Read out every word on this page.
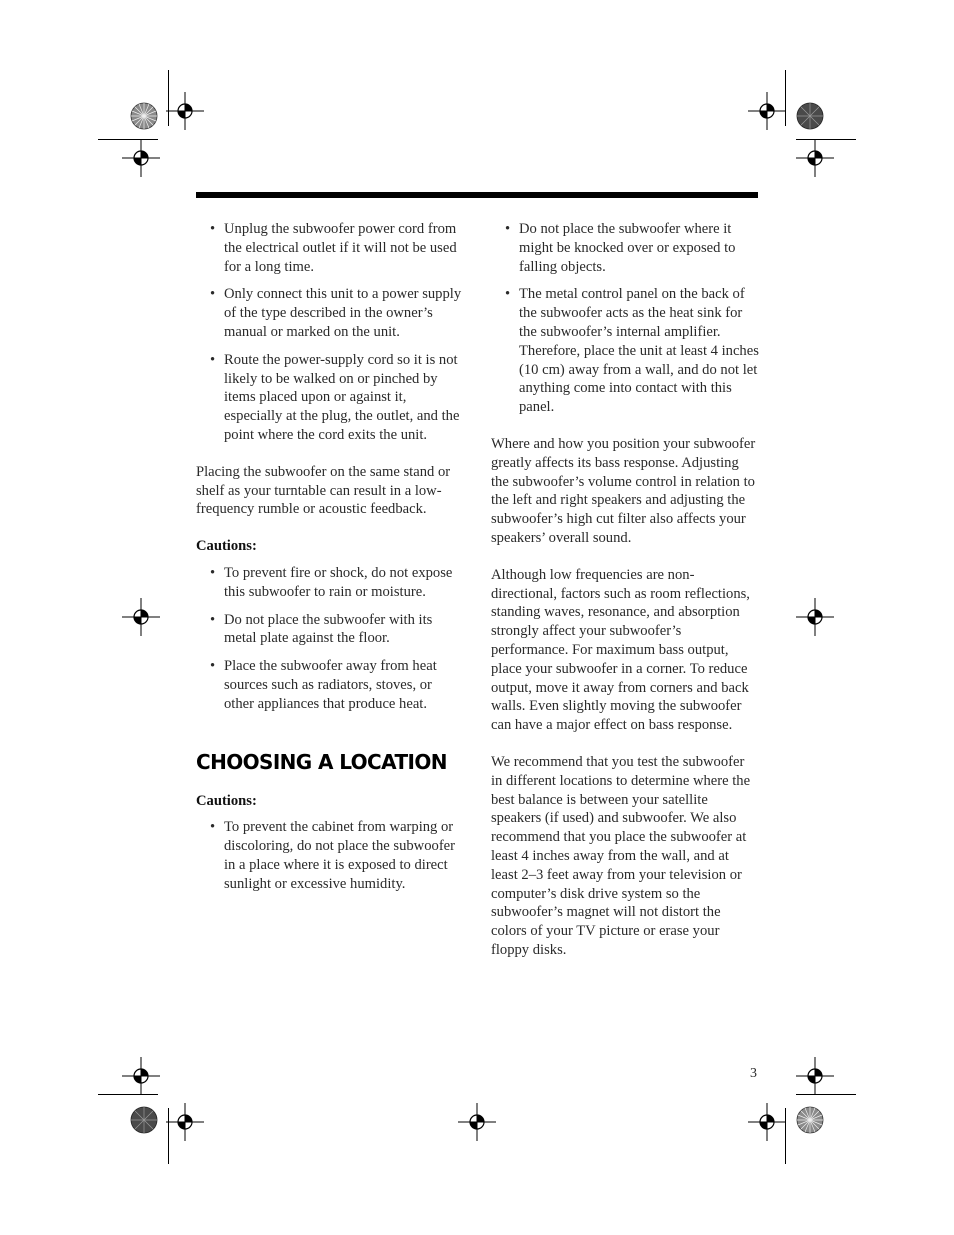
• Unplug the subwoofer power cord from the electrical outlet if it will not be used for a long time.
• Only connect this unit to a power supply of the type described in the owner’s manual or marked on the unit.
• Route the power-supply cord so it is not likely to be walked on or pinched by items placed upon or against it, especially at the plug, the outlet, and the point where the cord exits the unit.

Placing the subwoofer on the same stand or shelf as your turntable can result in a low-frequency rumble or acoustic feedback.

Cautions:
• To prevent fire or shock, do not expose this subwoofer to rain or moisture.
• Do not place the subwoofer with its metal plate against the floor.
• Place the subwoofer away from heat sources such as radiators, stoves, or other appliances that produce heat.
CHOOSING A LOCATION
Cautions:
• To prevent the cabinet from warping or discoloring, do not place the subwoofer in a place where it is exposed to direct sunlight or excessive humidity.
• Do not place the subwoofer where it might be knocked over or exposed to falling objects.
• The metal control panel on the back of the subwoofer acts as the heat sink for the subwoofer’s internal amplifier. Therefore, place the unit at least 4 inches (10 cm) away from a wall, and do not let anything come into contact with this panel.

Where and how you position your subwoofer greatly affects its bass response. Adjusting the subwoofer’s volume control in relation to the left and right speakers and adjusting the subwoofer’s high cut filter also affects your speakers’ overall sound.

Although low frequencies are non-directional, factors such as room reflections, standing waves, resonance, and absorption strongly affect your subwoofer’s performance. For maximum bass output, place your subwoofer in a corner. To reduce output, move it away from corners and back walls. Even slightly moving the subwoofer can have a major effect on bass response.

We recommend that you test the subwoofer in different locations to determine where the best balance is between your satellite speakers (if used) and subwoofer. We also recommend that you place the subwoofer at least 4 inches away from the wall, and at least 2–3 feet away from your television or computer’s disk drive system so the subwoofer’s magnet will not distort the colors of your TV picture or erase your floppy disks.

3
